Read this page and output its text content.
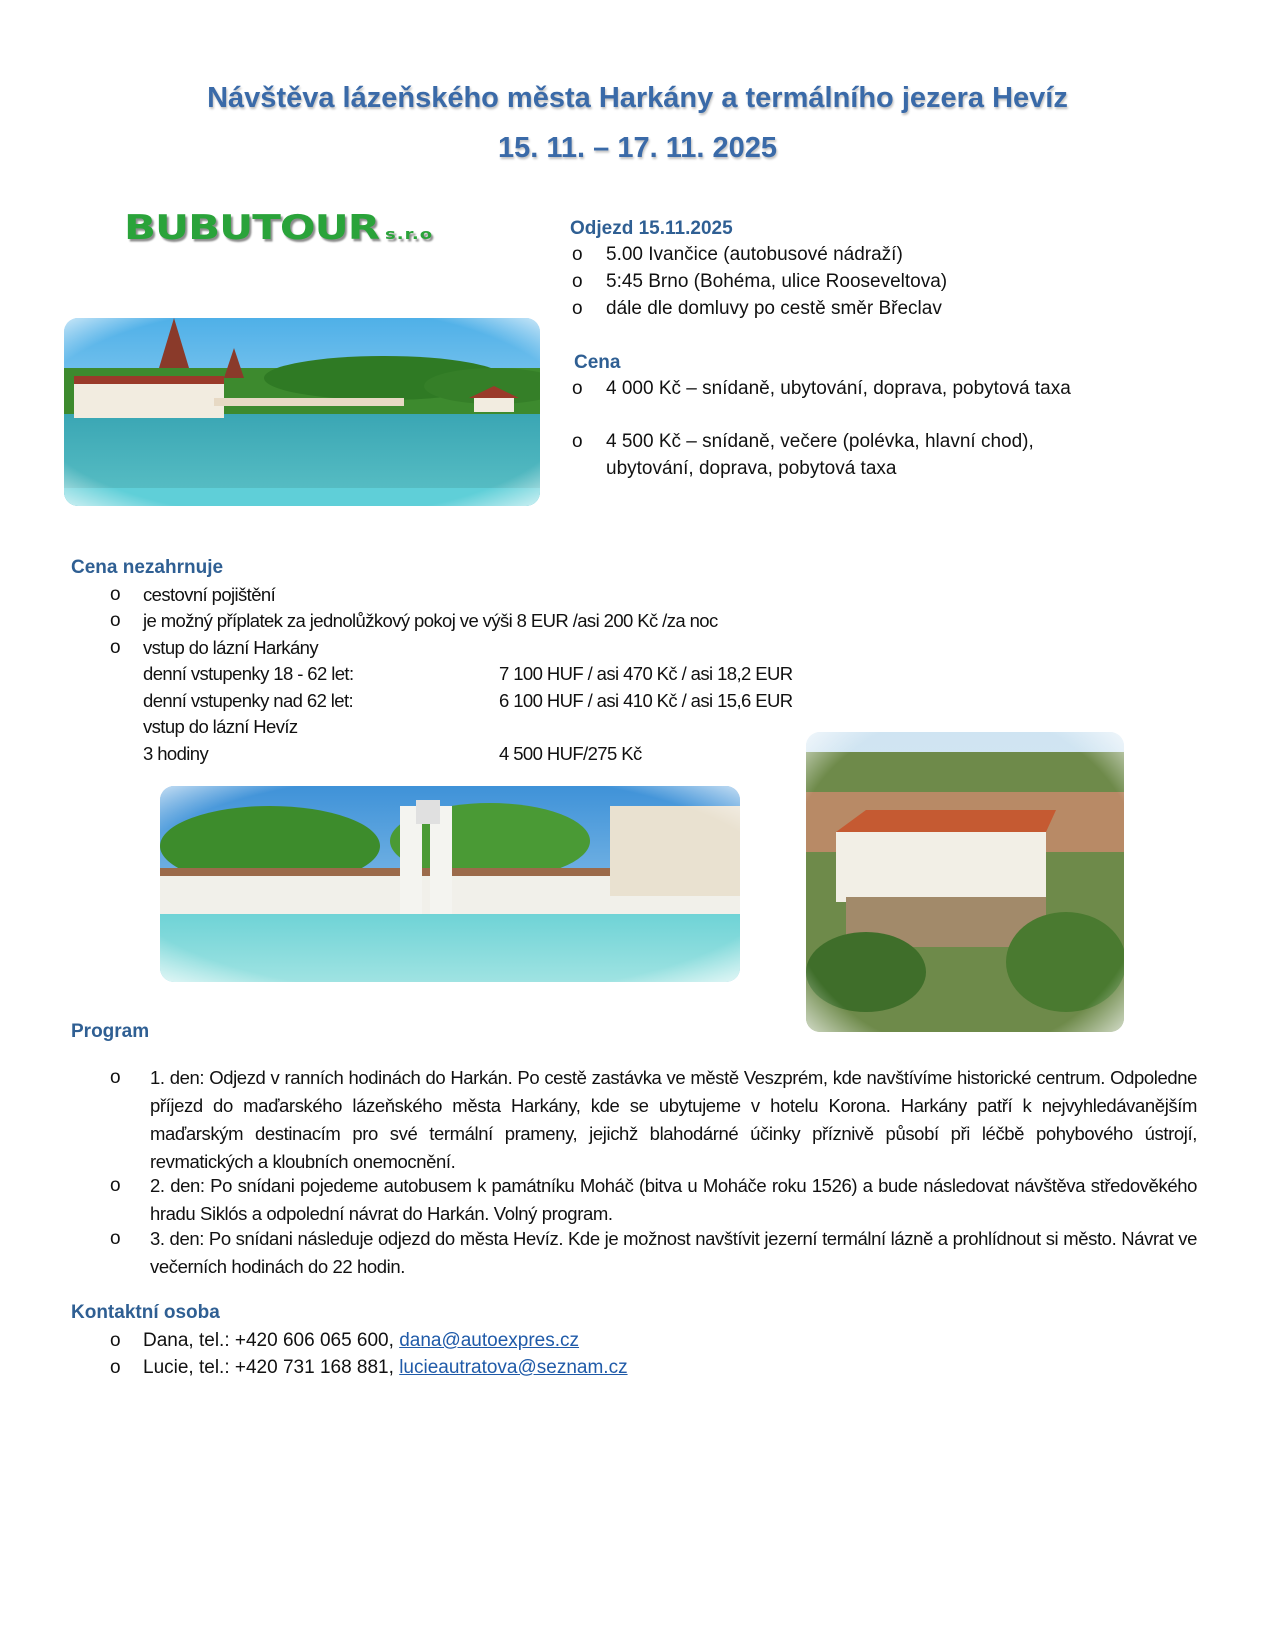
Návštěva lázeňského města Harkány a termálního jezera Hevíz
15. 11. – 17. 11. 2025
BUBUTOUR s.r.o	Odjezd 15.11.2025
o 5.00 Ivančice (autobusové nádraží)
o 5:45 Brno (Bohéma, ulice Rooseveltova)
o dále dle domluvy po cestě směr Břeclav
Cena
o 4 000 Kč – snídaně, ubytování, doprava, pobytová taxa
o 4 500 Kč – snídaně, večere (polévka, hlavní chod),
ubytování, doprava, pobytová taxa
Cena nezahrnuje
o cestovní pojištění
o je možný příplatek za jednolůžkový pokoj ve výši 8 EUR /asi 200 Kč /za noc
o vstup do lázní Harkány
denní vstupenky 18 - 62 let:	7 100 HUF / asi 470 Kč / asi 18,2 EUR
denní vstupenky nad 62 let:	6 100 HUF / asi 410 Kč / asi 15,6 EUR
vstup do lázní Hevíz
3 hodiny	4 500 HUF/275 Kč
Program
o 1. den: Odjezd v ranních hodinách do Harkán. Po cestě zastávka ve městě Veszprém, kde navštívíme historické centrum. Odpoledne příjezd do maďarského lázeňského města Harkány, kde se ubytujeme v hotelu Korona. Harkány patří k nejvyhledávanějším maďarským destinacím pro své termální prameny, jejichž blahodárné účinky příznivě působí při léčbě pohybového ústrojí, revmatických a kloubních onemocnění.
o 2. den: Po snídani pojedeme autobusem k památníku Moháč (bitva u Moháče roku 1526) a bude následovat návštěva středověkého hradu Siklós a odpolední návrat do Harkán. Volný program.
o 3. den: Po snídani následuje odjezd do města Hevíz. Kde je možnost navštívit jezerní termální lázně a prohlídnout si město. Návrat ve večerních hodinách do 22 hodin.
Kontaktní osoba
o Dana, tel.: +420 606 065 600, dana@autoexpres.cz
o Lucie, tel.: +420 731 168 881, lucieautratova@seznam.cz
